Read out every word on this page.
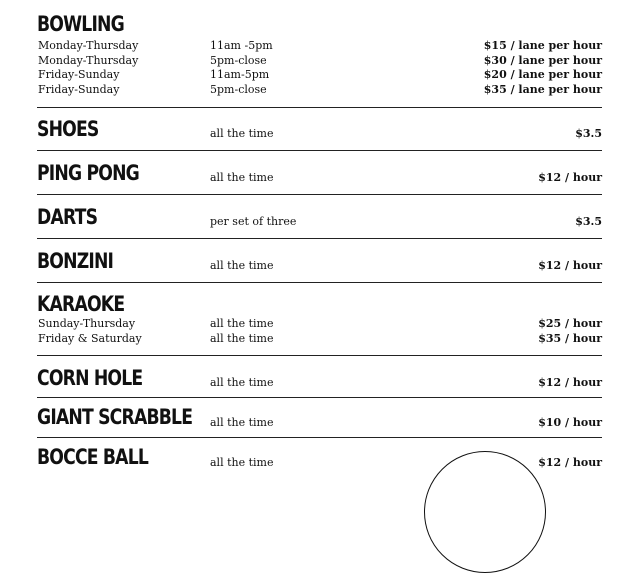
BOWLING
Monday-Thursday	11am -5pm	$15 / lane per hour
Monday-Thursday	5pm-close	$30 / lane per hour
Friday-Sunday	11am-5pm	$20 / lane per hour
Friday-Sunday	5pm-close	$35 / lane per hour
SHOES	all the time	$3.5
PING PONG	all the time	$12 / hour
DARTS	per set of three	$3.5
BONZINI	all the time	$12 / hour
KARAOKE
Sunday-Thursday	all the time	$25 / hour
Friday & Saturday	all the time	$35 / hour
CORN HOLE	all the time	$12 / hour
GIANT SCRABBLE all the time	$10 / hour
BOCCE BALL	all the time	$12 / hour
